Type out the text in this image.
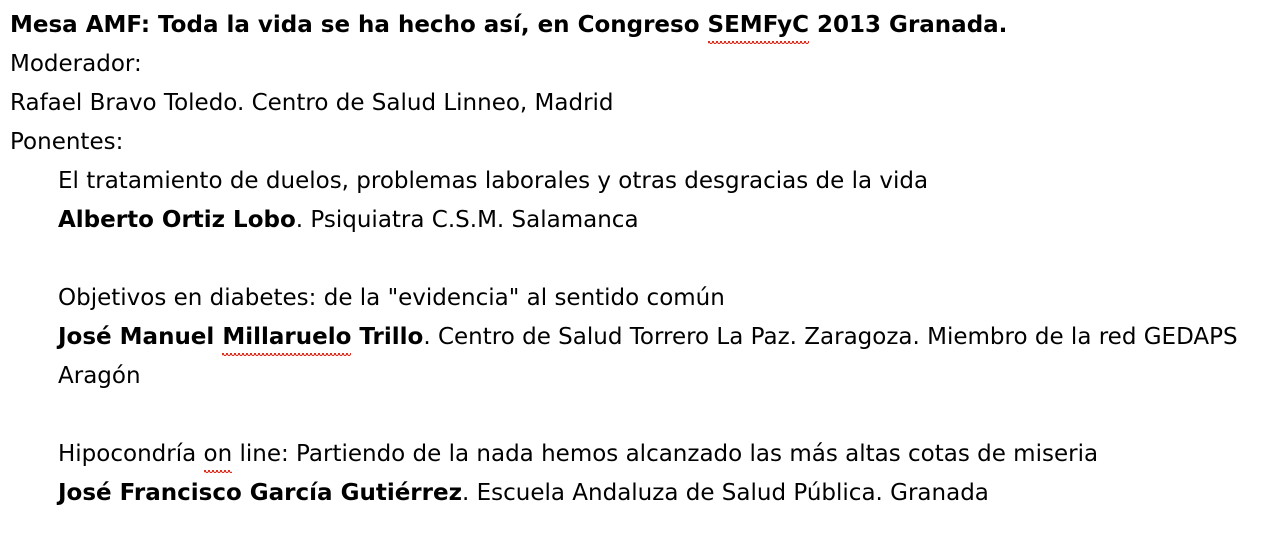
Mesa AMF: Toda la vida se ha hecho así, en Congreso SEMFyC 2013 Granada.
Moderador:
Rafael Bravo Toledo. Centro de Salud Linneo, Madrid
Ponentes:
El tratamiento de duelos, problemas laborales y otras desgracias de la vida
Alberto Ortiz Lobo. Psiquiatra C.S.M. Salamanca
Objetivos en diabetes: de la "evidencia" al sentido común
José Manuel Millaruelo Trillo. Centro de Salud Torrero La Paz. Zaragoza. Miembro de la red GEDAPS Aragón
Hipocondría on line: Partiendo de la nada hemos alcanzado las más altas cotas de miseria
José Francisco García Gutiérrez. Escuela Andaluza de Salud Pública. Granada
